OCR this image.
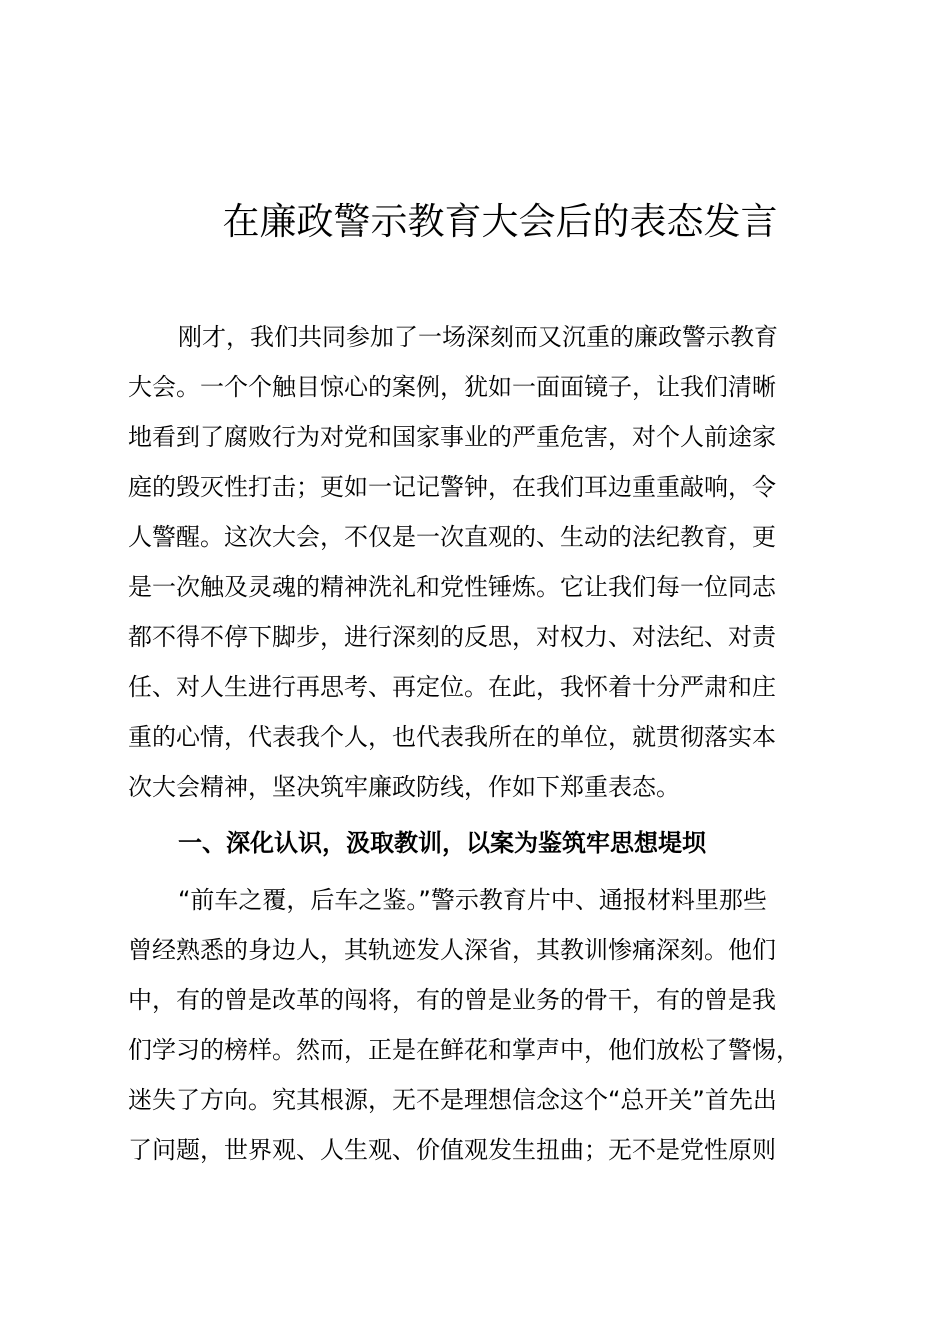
在廉政警示教育大会后的表态发言
刚才，我们共同参加了一场深刻而又沉重的廉政警示教育
大会。一个个触目惊心的案例，犹如一面面镜子，让我们清晰
地看到了腐败行为对党和国家事业的严重危害，对个人前途家
庭的毁灭性打击；更如一记记警钟，在我们耳边重重敲响，令
人警醒。这次大会，不仅是一次直观的、生动的法纪教育，更
是一次触及灵魂的精神洗礼和党性锤炼。它让我们每一位同志
都不得不停下脚步，进行深刻的反思，对权力、对法纪、对责
任、对人生进行再思考、再定位。在此，我怀着十分严肃和庄
重的心情，代表我个人，也代表我所在的单位，就贯彻落实本
次大会精神，坚决筑牢廉政防线，作如下郑重表态。
一、深化认识，汲取教训，以案为鉴筑牢思想堤坝
“前车之覆，后车之鉴。”警示教育片中、通报材料里那些
曾经熟悉的身边人，其轨迹发人深省，其教训惨痛深刻。他们
中，有的曾是改革的闯将，有的曾是业务的骨干，有的曾是我
们学习的榜样。然而，正是在鲜花和掌声中，他们放松了警惕，
迷失了方向。究其根源，无不是理想信念这个“总开关”首先出
了问题，世界观、人生观、价值观发生扭曲；无不是党性原则
